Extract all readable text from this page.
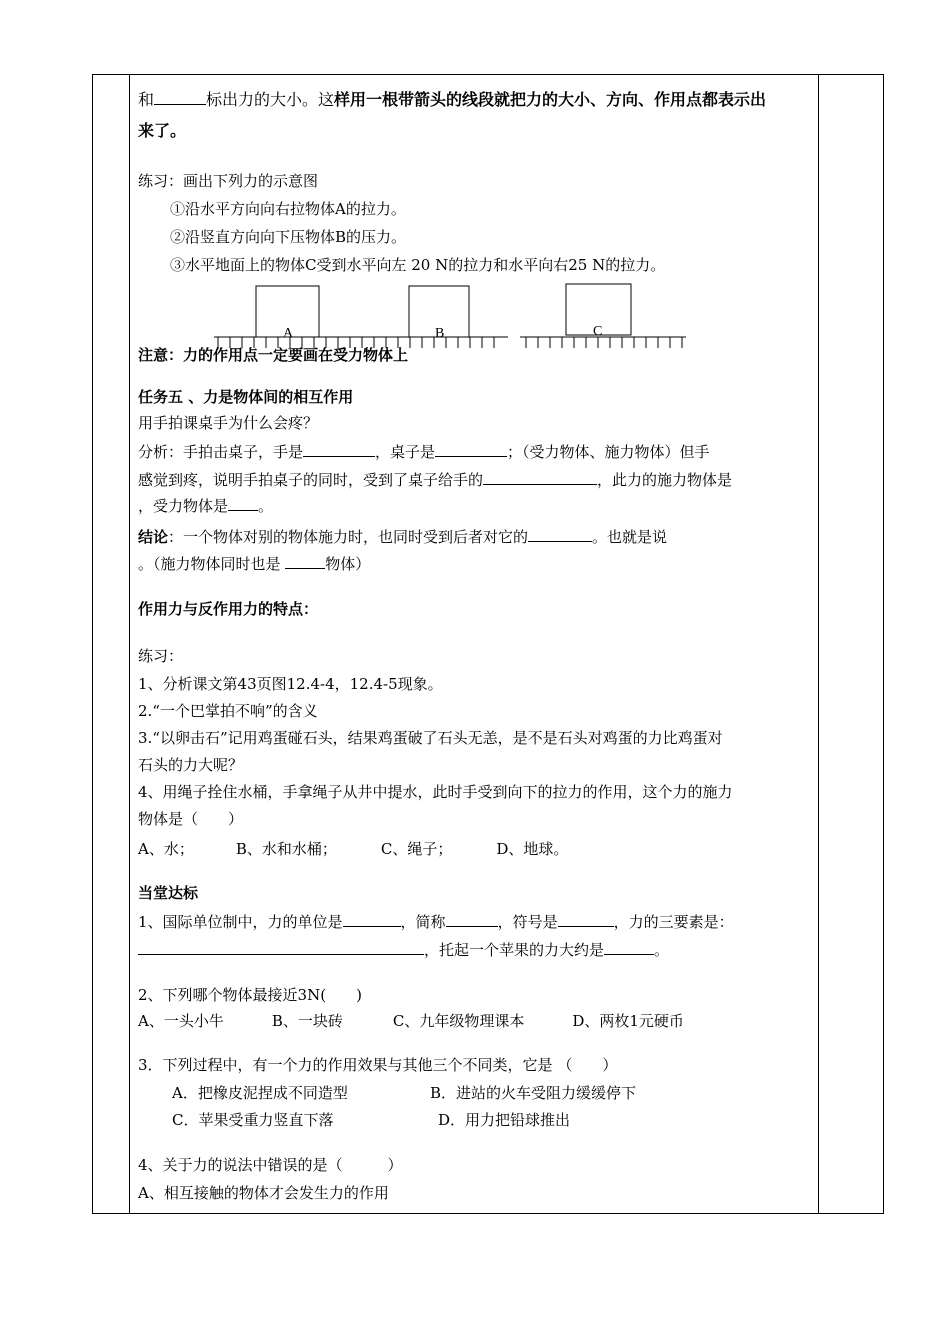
和	标出力的大小。这样用一根带箭头的线段就把力的大小、方向、作用点都表示出
来了。
练习：画出下列力的示意图
①沿水平方向向右拉物体A的拉力。
②沿竖直方向向下压物体B的压力。
③水平地面上的物体C受到水平向左 20 N的拉力和水平向右25 N的拉力。
A	B	C
注意：力的作用点一定要画在受力物体上
任务五 、力是物体间的相互作用
用手拍课桌手为什么会疼？
分析：手拍击桌子，手是	，桌子是	；（受力物体、施力物体）但手
感觉到疼，说明手拍桌子的同时，受到了桌子给手的	，此力的施力物体是
，受力物体是 。
结论：一个物体对别的物体施力时，也同时受到后者对它的	。也就是说
。（施力物体同时也是	物体）
作用力与反作用力的特点：
练习：
1、分析课文第43页图12.4-4，12.4-5现象。
2.“一个巴掌拍不响”的含义
3.“以卵击石”记用鸡蛋碰石头，结果鸡蛋破了石头无恙，是不是石头对鸡蛋的力比鸡蛋对
石头的力大呢？
4、用绳子拴住水桶，手拿绳子从井中提水，此时手受到向下的拉力的作用，这个力的施力
物体是（　　）
A、水；	B、水和水桶；	C、绳子；	D、地球。
当堂达标
1、国际单位制中，力的单位是	，简称	，符号是	，力的三要素是：
，托起一个苹果的力大约是	。
2、下列哪个物体最接近3N(　　)
A、一头小牛	B、一块砖	C、九年级物理课本	D、两枚1元硬币
3．下列过程中，有一个力的作用效果与其他三个不同类，它是 （　　）
A．把橡皮泥捏成不同造型	B．进站的火车受阻力缓缓停下
C．苹果受重力竖直下落	D．用力把铅球推出
4、关于力的说法中错误的是（　　　）
A、相互接触的物体才会发生力的作用
